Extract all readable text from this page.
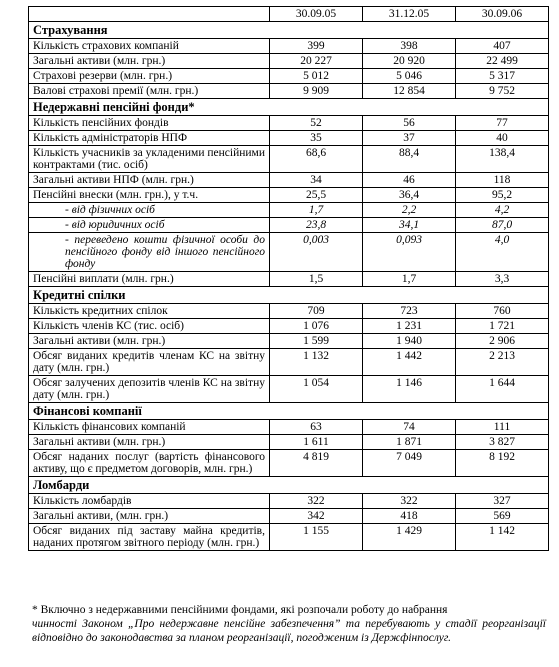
	30.09.05	31.12.05	30.09.06
Страхування			
Кількість страхових компаній	399	398	407
Загальні активи (млн. грн.)	20 227	20 920	22 499
Страхові резерви (млн. грн.)	5 012	5 046	5 317
Валові страхові премії (млн. грн.)	9 909	12 854	9 752
Недержавні пенсійні фонди*			
Кількість пенсійних фондів	52	56	77
Кількість адміністраторів НПФ	35	37	40
Кількість учасників за укладеними пенсійними контрактами (тис. осіб)	68,6	88,4	138,4
Загальні активи НПФ (млн. грн.)	34	46	118
Пенсійні внески (млн. грн.), у т.ч.	25,5	36,4	95,2
- від фізичних осіб	1,7	2,2	4,2
- від юридичних осіб	23,8	34,1	87,0
- переведено кошти фізичної особи до пенсійного фонду від іншого пенсійного фонду	0,003	0,093	4,0
Пенсійні виплати (млн. грн.)	1,5	1,7	3,3
Кредитні спілки			
Кількість кредитних спілок	709	723	760
Кількість членів КС (тис. осіб)	1 076	1 231	1 721
Загальні активи (млн. грн.)	1 599	1 940	2 906
Обсяг виданих кредитів членам КС на звітну дату (млн. грн.)	1 132	1 442	2 213
Обсяг залучених депозитів членів КС на звітну дату (млн. грн.)	1 054	1 146	1 644
Фінансові компанії			
Кількість фінансових компаній	63	74	111
Загальні активи (млн. грн.)	1 611	1 871	3 827
Обсяг наданих послуг (вартість фінансового активу, що є предметом договорів, млн. грн.)	4 819	7 049	8 192
Ломбарди			
Кількість ломбардів	322	322	327
Загальні активи, (млн. грн.)	342	418	569
Обсяг виданих під заставу майна кредитів, наданих протягом звітного періоду (млн. грн.)	1 155	1 429	1 142
* Включно з недержавними пенсійними фондами, які розпочали роботу до набрання
чинності Законом „Про недержавне пенсійне забезпечення” та перебувають у стадії реорганізації відповідно до законодавства за планом реорганізації, погодженим із Держфінпослуг.
